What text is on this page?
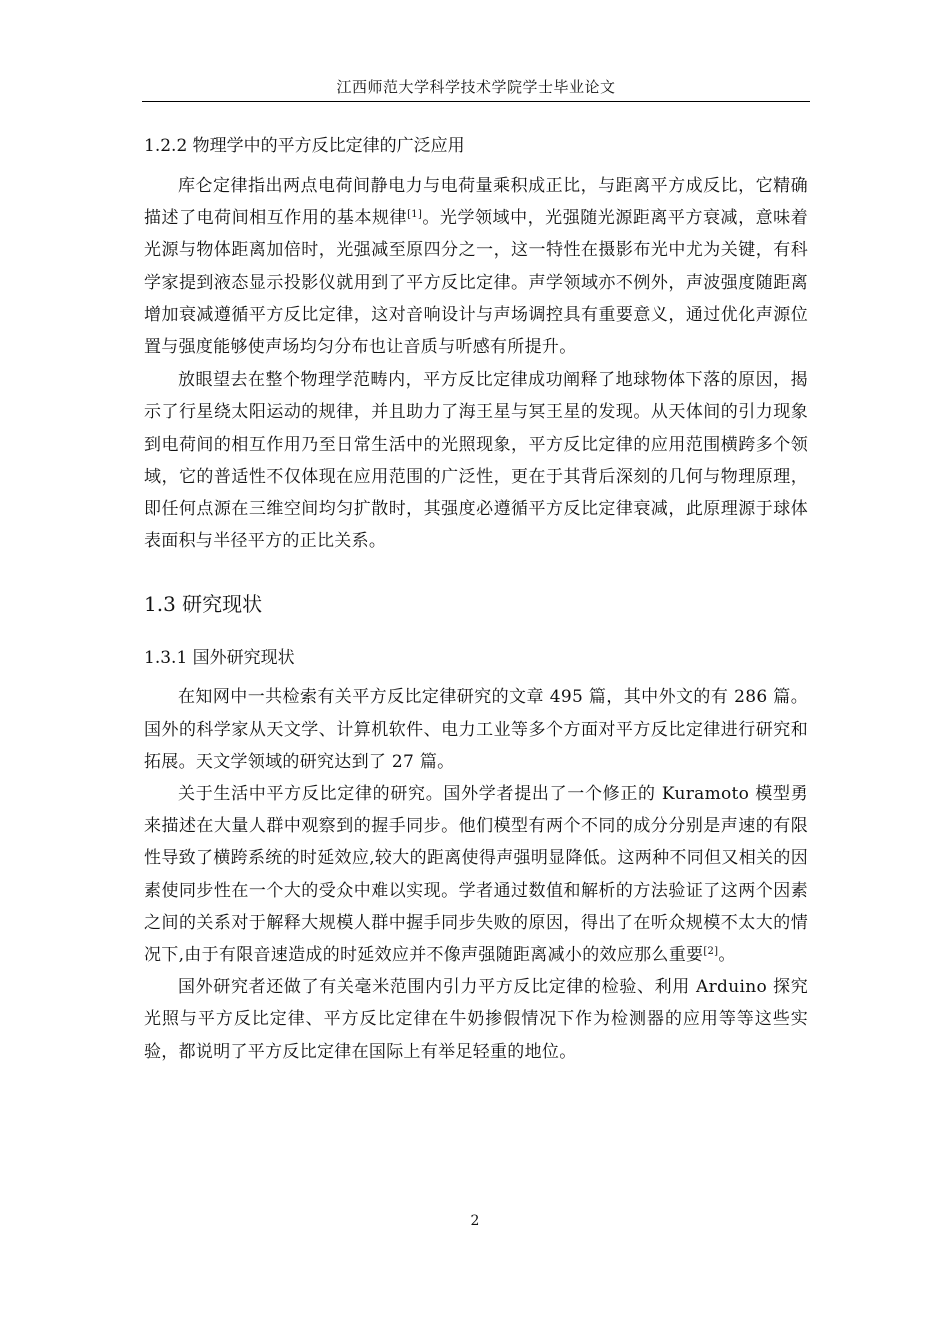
江西师范大学科学技术学院学士毕业论文
1.2.2 物理学中的平方反比定律的广泛应用

库仑定律指出两点电荷间静电力与电荷量乘积成正比，与距离平方成反比，它精确描述了电荷间相互作用的基本规律[1]。光学领域中，光强随光源距离平方衰减，意味着光源与物体距离加倍时，光强减至原四分之一，这一特性在摄影布光中尤为关键，有科学家提到液态显示投影仪就用到了平方反比定律。声学领域亦不例外，声波强度随距离增加衰减遵循平方反比定律，这对音响设计与声场调控具有重要意义，通过优化声源位置与强度能够使声场均匀分布也让音质与听感有所提升。

放眼望去在整个物理学范畴内，平方反比定律成功阐释了地球物体下落的原因，揭示了行星绕太阳运动的规律，并且助力了海王星与冥王星的发现。从天体间的引力现象到电荷间的相互作用乃至日常生活中的光照现象，平方反比定律的应用范围横跨多个领域，它的普适性不仅体现在应用范围的广泛性，更在于其背后深刻的几何与物理原理，即任何点源在三维空间均匀扩散时，其强度必遵循平方反比定律衰减，此原理源于球体表面积与半径平方的正比关系。

1.3 研究现状
1.3.1 国外研究现状

在知网中一共检索有关平方反比定律研究的文章 495 篇，其中外文的有 286 篇。国外的科学家从天文学、计算机软件、电力工业等多个方面对平方反比定律进行研究和拓展。天文学领域的研究达到了 27 篇。

关于生活中平方反比定律的研究。国外学者提出了一个修正的 Kuramoto 模型勇来描述在大量人群中观察到的握手同步。他们模型有两个不同的成分分别是声速的有限性导致了横跨系统的时延效应,较大的距离使得声强明显降低。这两种不同但又相关的因素使同步性在一个大的受众中难以实现。学者通过数值和解析的方法验证了这两个因素之间的关系对于解释大规模人群中握手同步失败的原因，得出了在听众规模不太大的情况下,由于有限音速造成的时延效应并不像声强随距离减小的效应那么重要[2]。

国外研究者还做了有关毫米范围内引力平方反比定律的检验、利用 Arduino 探究光照与平方反比定律、平方反比定律在牛奶掺假情况下作为检测器的应用等等这些实验，都说明了平方反比定律在国际上有举足轻重的地位。

2
